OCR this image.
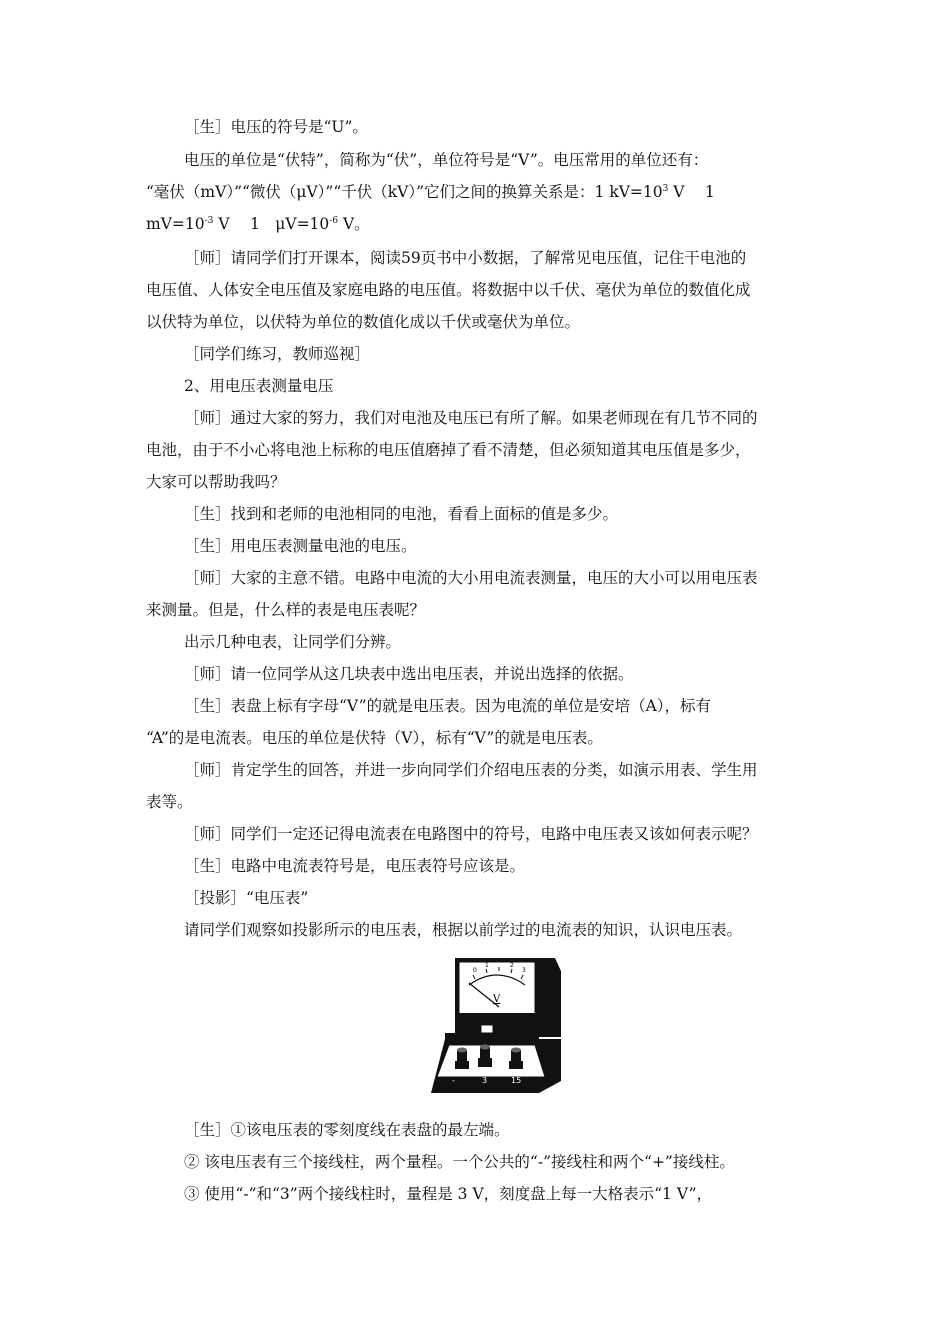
［生］电压的符号是“U”。
电压的单位是“伏特”，简称为“伏”，单位符号是“V”。电压常用的单位还有：
“毫伏（mV）”“微伏（μV）”“千伏（kV）”它们之间的换算关系是：1 $kV=10^3$ V　 1
$mV=10^{-3}$ V　 1　$\mu V=10^{-6}$ V。
［师］请同学们打开课本，阅读59页书中小数据，了解常见电压值，记住干电池的
电压值、人体安全电压值及家庭电路的电压值。将数据中以千伏、毫伏为单位的数值化成
以伏特为单位，以伏特为单位的数值化成以千伏或毫伏为单位。
［同学们练习，教师巡视］
2、用电压表测量电压
［师］通过大家的努力，我们对电池及电压已有所了解。如果老师现在有几节不同的
电池，由于不小心将电池上标称的电压值磨掉了看不清楚，但必须知道其电压值是多少，
大家可以帮助我吗？
［生］找到和老师的电池相同的电池，看看上面标的值是多少。
［生］用电压表测量电池的电压。
［师］大家的主意不错。电路中电流的大小用电流表测量，电压的大小可以用电压表
来测量。但是，什么样的表是电压表呢？
出示几种电表，让同学们分辨。
［师］请一位同学从这几块表中选出电压表，并说出选择的依据。
［生］表盘上标有字母“V”的就是电压表。因为电流的单位是安培（A），标有
“A”的是电流表。电压的单位是伏特（V），标有“V”的就是电压表。
［师］肯定学生的回答，并进一步向同学们介绍电压表的分类，如演示用表、学生用
表等。
［师］同学们一定还记得电流表在电路图中的符号，电路中电压表又该如何表示呢？
［生］电路中电流表符号是，电压表符号应该是。
［投影］“电压表”
请同学们观察如投影所示的电压表，根据以前学过的电流表的知识，认识电压表。
0
1	2
3
V
-	3	15
［生］①该电压表的零刻度线在表盘的最左端。
② 该电压表有三个接线柱，两个量程。一个公共的“-”接线柱和两个“+”接线柱。
③ 使用“-”和“3”两个接线柱时，量程是 3 V，刻度盘上每一大格表示“1 V”，
